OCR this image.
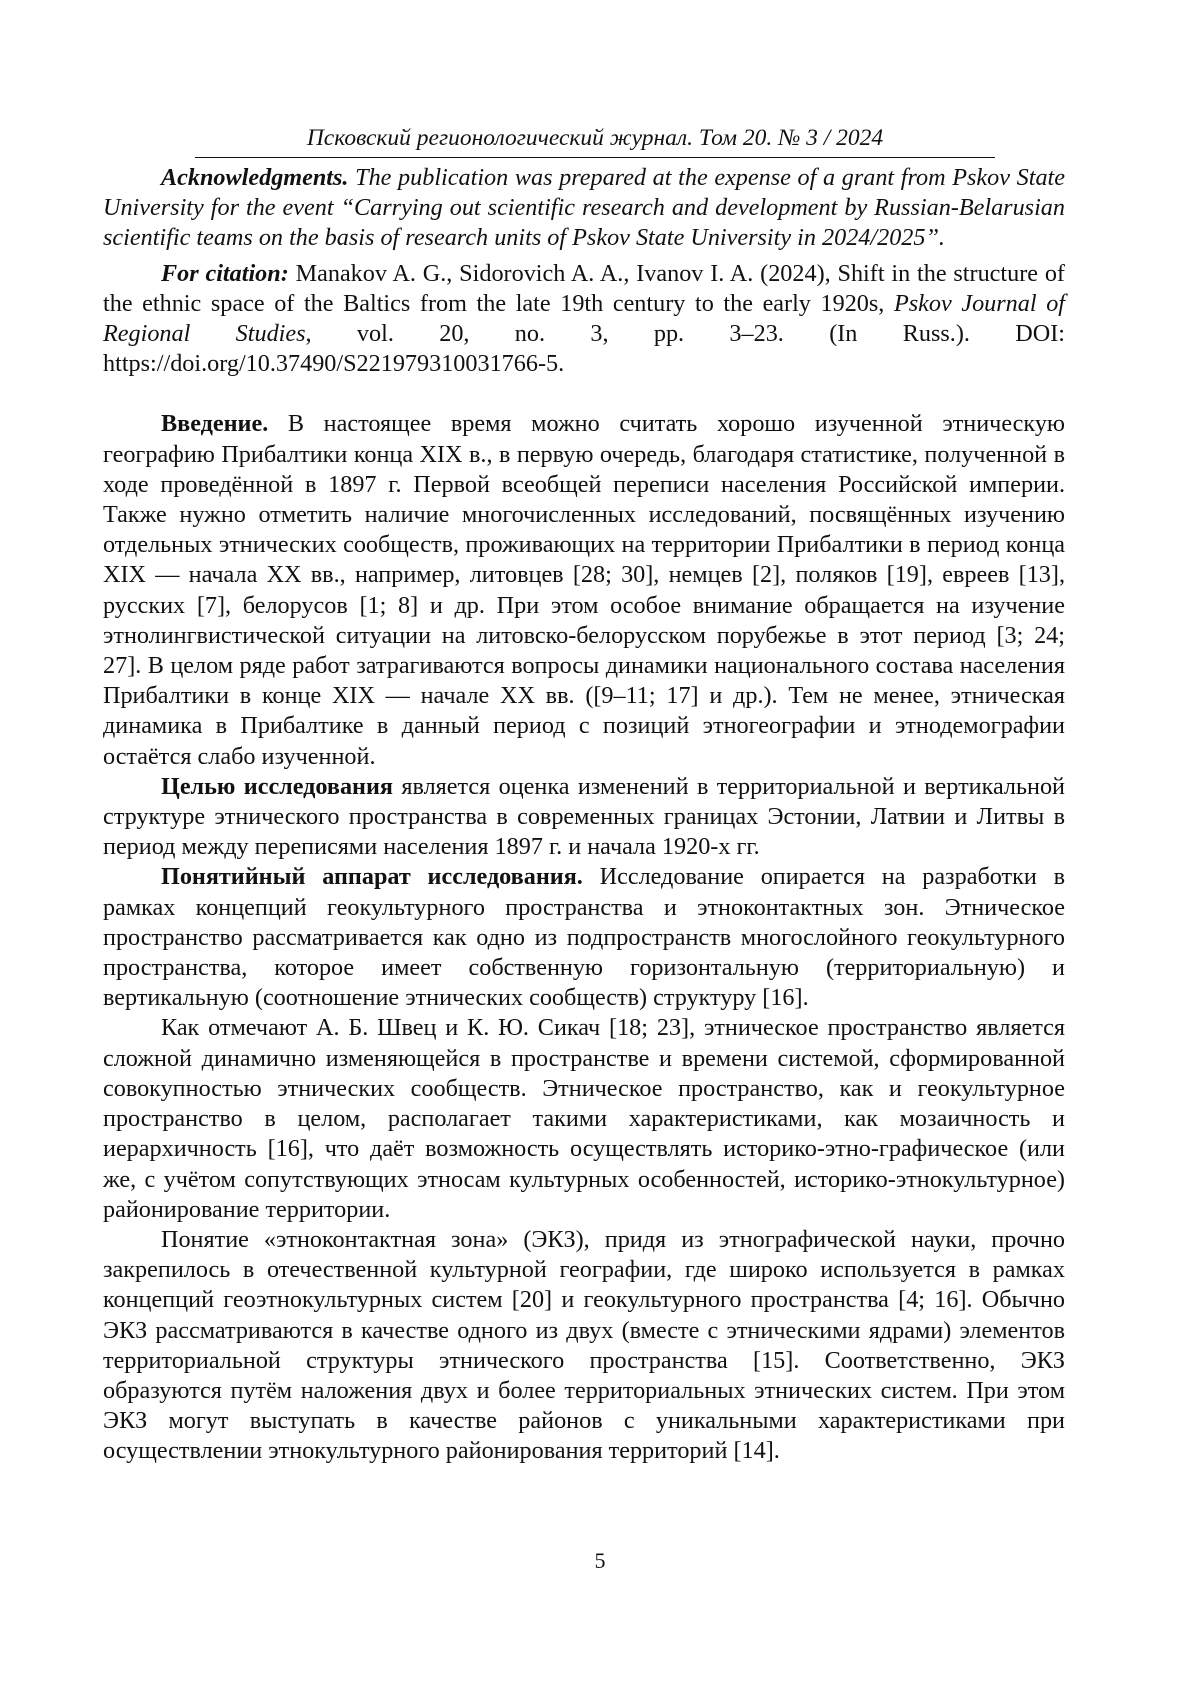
Псковский регионологический журнал. Том 20. № 3 / 2024

Acknowledgments. The publication was prepared at the expense of a grant from Pskov State University for the event “Carrying out scientific research and development by Russian-Belarusian scientific teams on the basis of research units of Pskov State University in 2024/2025”.

For citation: Manakov A. G., Sidorovich A. A., Ivanov I. A. (2024), Shift in the structure of the ethnic space of the Baltics from the late 19th century to the early 1920s, Pskov Journal of Regional Studies, vol. 20, no. 3, pp. 3–23. (In Russ.). DOI: https://doi.org/10.37490/S221979310031766-5.

Введение. В настоящее время можно считать хорошо изученной этническую географию Прибалтики конца XIX в., в первую очередь, благодаря статистике, полученной в ходе проведённой в 1897 г. Первой всеобщей переписи населения Российской империи. Также нужно отметить наличие многочисленных исследований, посвящённых изучению отдельных этнических сообществ, проживающих на территории Прибалтики в период конца XIX — начала XX вв., например, литовцев [28; 30], немцев [2], поляков [19], евреев [13], русских [7], белорусов [1; 8] и др. При этом особое внимание обращается на изучение этнолингвистической ситуации на литовско-белорусском порубежье в этот период [3; 24; 27]. В целом ряде работ затрагиваются вопросы динамики национального состава населения Прибалтики в конце XIX — начале XX вв. ([9–11; 17] и др.). Тем не менее, этническая динамика в Прибалтике в данный период с позиций этногеографии и этнодемографии остаётся слабо изученной.

Целью исследования является оценка изменений в территориальной и вертикальной структуре этнического пространства в современных границах Эстонии, Латвии и Литвы в период между переписями населения 1897 г. и начала 1920-х гг.

Понятийный аппарат исследования. Исследование опирается на разработки в рамках концепций геокультурного пространства и этноконтактных зон. Этническое пространство рассматривается как одно из подпространств многослойного геокультурного пространства, которое имеет собственную горизонтальную (территориальную) и вертикальную (соотношение этнических сообществ) структуру [16].

Как отмечают А. Б. Швец и К. Ю. Сикач [18; 23], этническое пространство является сложной динамично изменяющейся в пространстве и времени системой, сформированной совокупностью этнических сообществ. Этническое пространство, как и геокультурное пространство в целом, располагает такими характеристиками, как мозаичность и иерархичность [16], что даёт возможность осуществлять историко-этно-графическое (или же, с учётом сопутствующих этносам культурных особенностей, историко-этнокультурное) районирование территории.

Понятие «этноконтактная зона» (ЭКЗ), придя из этнографической науки, прочно закрепилось в отечественной культурной географии, где широко используется в рамках концепций геоэтнокультурных систем [20] и геокультурного пространства [4; 16]. Обычно ЭКЗ рассматриваются в качестве одного из двух (вместе с этническими ядрами) элементов территориальной структуры этнического пространства [15]. Соответственно, ЭКЗ образуются путём наложения двух и более территориальных этнических систем. При этом ЭКЗ могут выступать в качестве районов с уникальными характеристиками при осуществлении этнокультурного районирования территорий [14].

5
